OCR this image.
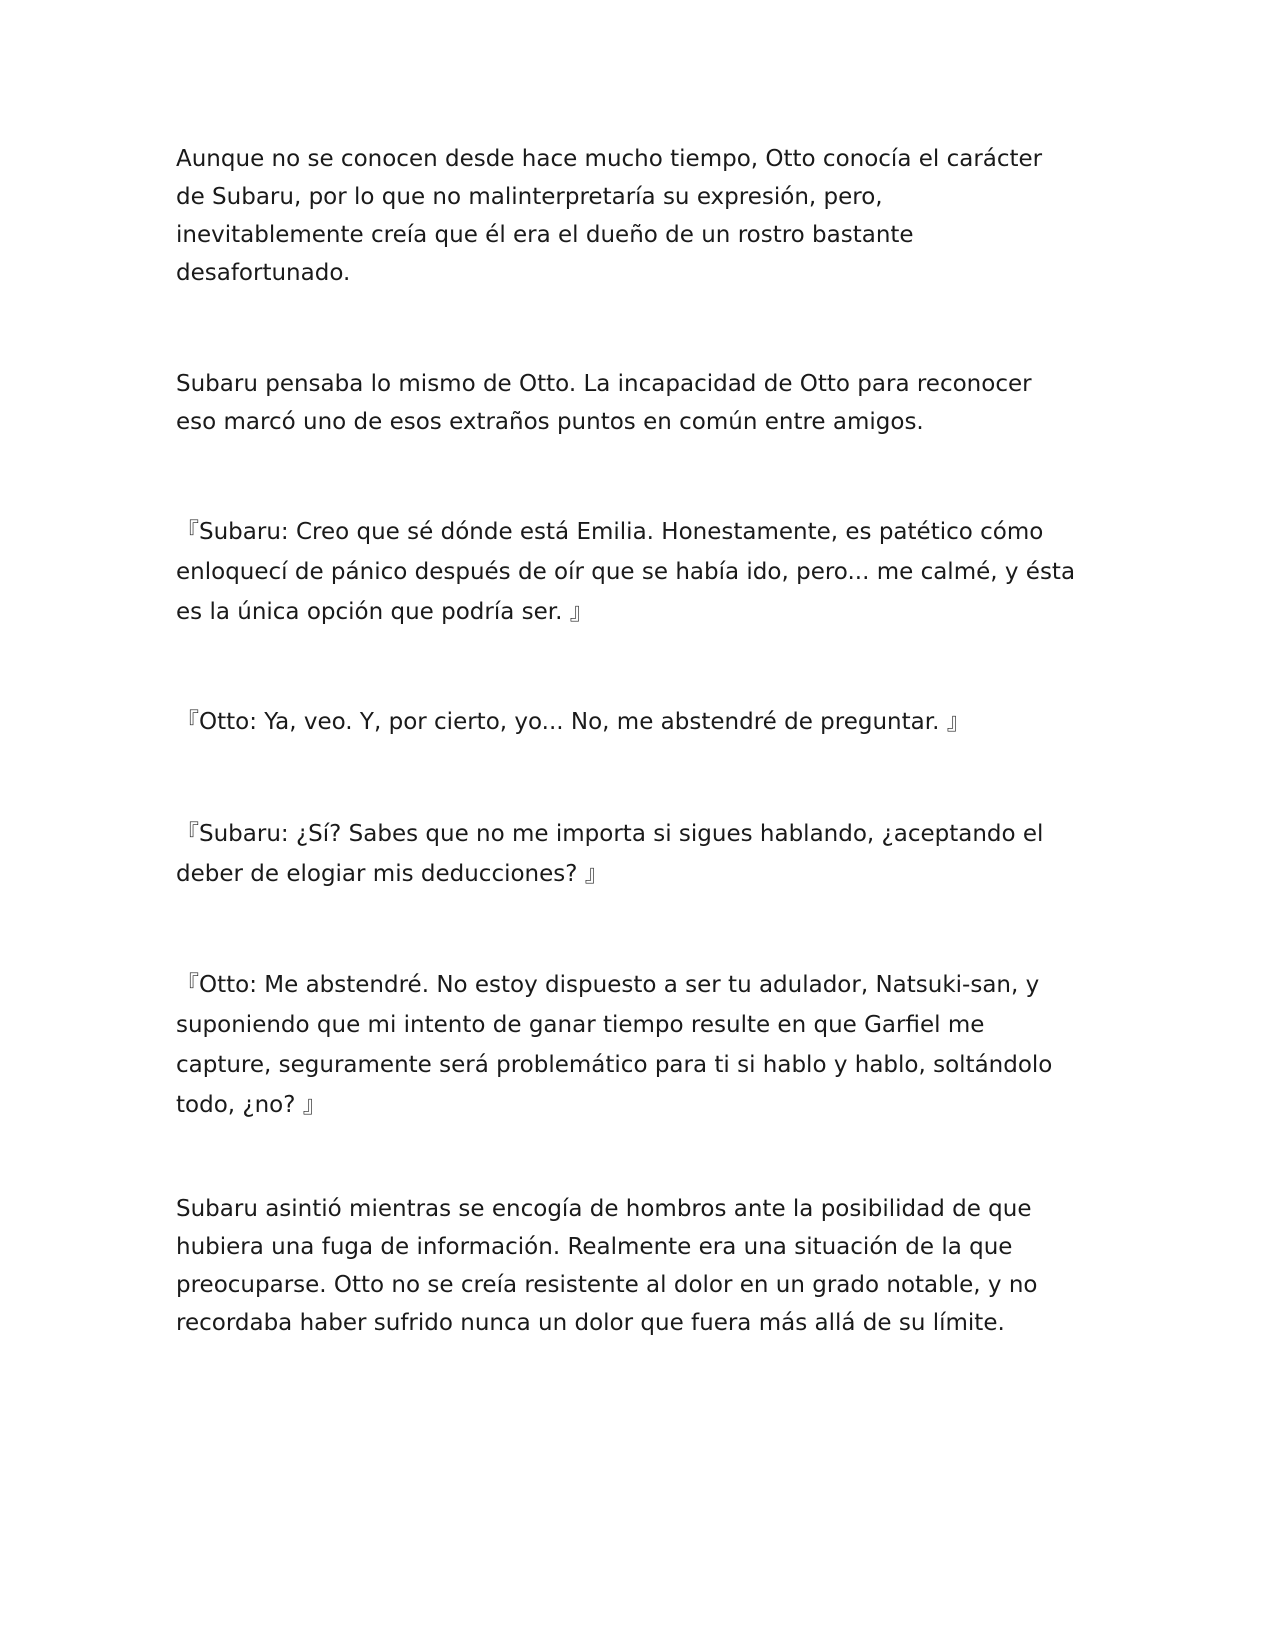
Aunque no se conocen desde hace mucho tiempo, Otto conocía el carácter
de Subaru, por lo que no malinterpretaría su expresión, pero,
inevitablemente creía que él era el dueño de un rostro bastante
desafortunado.

Subaru pensaba lo mismo de Otto. La incapacidad de Otto para reconocer
eso marcó uno de esos extraños puntos en común entre amigos.

『Subaru: Creo que sé dónde está Emilia. Honestamente, es patético cómo
enloquecí de pánico después de oír que se había ido, pero... me calmé, y ésta
es la única opción que podría ser. 』

『Otto: Ya, veo. Y, por cierto, yo... No, me abstendré de preguntar. 』

『Subaru: ¿Sí? Sabes que no me importa si sigues hablando, ¿aceptando el
deber de elogiar mis deducciones? 』

『Otto: Me abstendré. No estoy dispuesto a ser tu adulador, Natsuki-san, y
suponiendo que mi intento de ganar tiempo resulte en que Garfiel me
capture, seguramente será problemático para ti si hablo y hablo, soltándolo
todo, ¿no? 』

Subaru asintió mientras se encogía de hombros ante la posibilidad de que
hubiera una fuga de información. Realmente era una situación de la que
preocuparse. Otto no se creía resistente al dolor en un grado notable, y no
recordaba haber sufrido nunca un dolor que fuera más allá de su límite.
